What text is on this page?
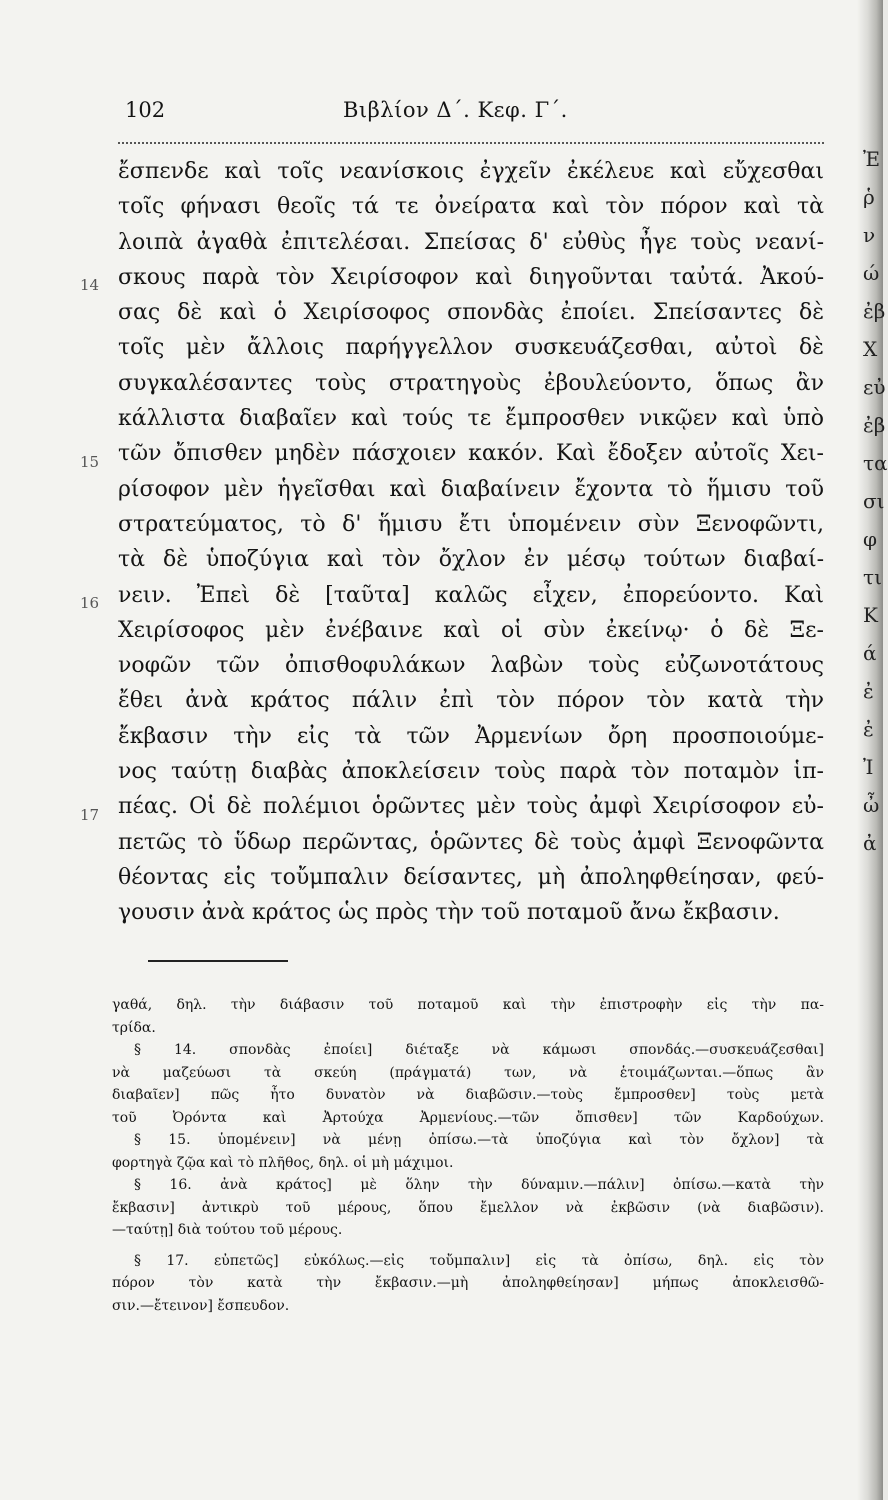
Ἐ
ῥ
ν
ώ
ἐβ
Χ
εὐ
ἐβ
τα
σι
φ
τι
Κ
ά
ἐ
ἐ
Ἰ
ὦ
ἀ
102	Βιβλίον Δ΄. Κεφ. Γ΄.
14
15
16
17
ἔσπενδε καὶ τοῖς νεανίσκοις ἐγχεῖν ἐκέλευε καὶ εὔχεσθαι
τοῖς φήνασι θεοῖς τά τε ὀνείρατα καὶ τὸν πόρον καὶ τὰ
λοιπὰ ἀγαθὰ ἐπιτελέσαι. Σπείσας δ' εὐθὺς ἦγε τοὺς νεανί-
σκους παρὰ τὸν Χειρίσοφον καὶ διηγοῦνται ταὐτά. Ἀκού-
σας δὲ καὶ ὁ Χειρίσοφος σπονδὰς ἐποίει. Σπείσαντες δὲ
τοῖς μὲν ἄλλοις παρήγγελλον συσκευάζεσθαι, αὐτοὶ δὲ
συγκαλέσαντες τοὺς στρατηγοὺς ἐβουλεύοντο, ὅπως ἂν
κάλλιστα διαβαῖεν καὶ τούς τε ἔμπροσθεν νικῷεν καὶ ὑπὸ
τῶν ὄπισθεν μηδὲν πάσχοιεν κακόν. Καὶ ἔδοξεν αὐτοῖς Χει-
ρίσοφον μὲν ἡγεῖσθαι καὶ διαβαίνειν ἔχοντα τὸ ἥμισυ τοῦ
στρατεύματος, τὸ δ' ἥμισυ ἔτι ὑπομένειν σὺν Ξενοφῶντι,
τὰ δὲ ὑποζύγια καὶ τὸν ὄχλον ἐν μέσῳ τούτων διαβαί-
νειν. Ἐπεὶ δὲ [ταῦτα] καλῶς εἶχεν, ἐπορεύοντο. Καὶ
Χειρίσοφος μὲν ἐνέβαινε καὶ οἱ σὺν ἐκείνῳ· ὁ δὲ Ξε-
νοφῶν τῶν ὀπισθοφυλάκων λαβὼν τοὺς εὐζωνοτάτους
ἔθει ἀνὰ κράτος πάλιν ἐπὶ τὸν πόρον τὸν κατὰ τὴν
ἔκβασιν τὴν εἰς τὰ τῶν Ἀρμενίων ὄρη προσποιούμε-
νος ταύτῃ διαβὰς ἀποκλείσειν τοὺς παρὰ τὸν ποταμὸν ἱπ-
πέας. Οἱ δὲ πολέμιοι ὁρῶντες μὲν τοὺς ἀμφὶ Χειρίσοφον εὐ-
πετῶς τὸ ὕδωρ περῶντας, ὁρῶντες δὲ τοὺς ἀμφὶ Ξενοφῶντα
θέοντας εἰς τοὔμπαλιν δείσαντες, μὴ ἀποληφθείησαν, φεύ-
γουσιν ἀνὰ κράτος ὡς πρὸς τὴν τοῦ ποταμοῦ ἄνω ἔκβασιν.
γαθά, δηλ. τὴν διάβασιν τοῦ ποταμοῦ καὶ τὴν ἐπιστροφὴν εἰς τὴν πα-
τρίδα.
§ 14. σπονδὰς ἐποίει] διέταξε νὰ κάμωσι σπονδάς.—συσκευάζεσθαι]
νὰ μαζεύωσι τὰ σκεύη (πράγματά) των, νὰ ἑτοιμάζωνται.—ὅπως ἂν
διαβαῖεν] πῶς ἦτο δυνατὸν νὰ διαβῶσιν.—τοὺς ἔμπροσθεν] τοὺς μετὰ
τοῦ Ὀρόντα καὶ Ἀρτούχα Ἀρμενίους.—τῶν ὄπισθεν] τῶν Καρδούχων.
§ 15. ὑπομένειν] νὰ μένῃ ὀπίσω.—τὰ ὑποζύγια καὶ τὸν ὄχλον] τὰ
φορτηγὰ ζῷα καὶ τὸ πλῆθος, δηλ. οἱ μὴ μάχιμοι.
§ 16. ἀνὰ κράτος] μὲ ὅλην τὴν δύναμιν.—πάλιν] ὀπίσω.—κατὰ τὴν
ἔκβασιν] ἀντικρὺ τοῦ μέρους, ὅπου ἔμελλον νὰ ἐκβῶσιν (νὰ διαβῶσιν).
—ταύτῃ] διὰ τούτου τοῦ μέρους.
§ 17. εὐπετῶς] εὐκόλως.—εἰς τοὔμπαλιν] εἰς τὰ ὀπίσω, δηλ. εἰς τὸν
πόρον τὸν κατὰ τὴν ἔκβασιν.—μὴ ἀποληφθείησαν] μήπως ἀποκλεισθῶ-
σιν.—ἔτεινον] ἔσπευδον.
